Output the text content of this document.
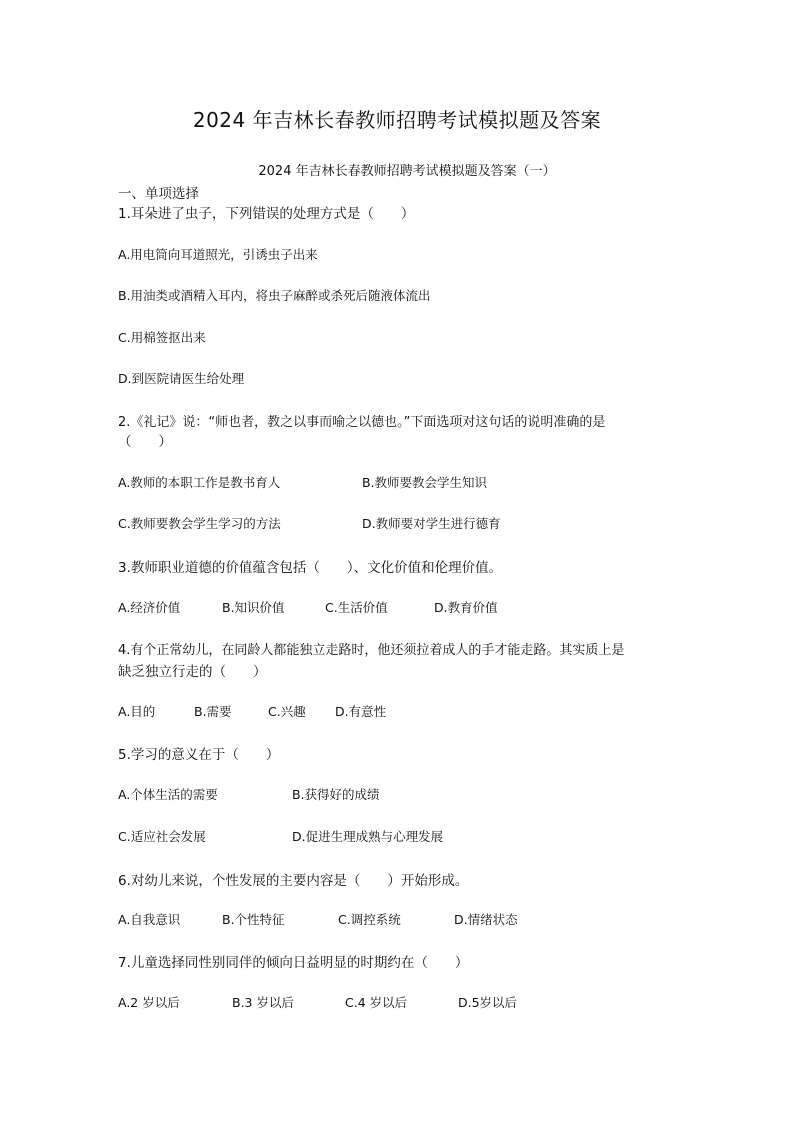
2024 年吉林长春教师招聘考试模拟题及答案
2024 年吉林长春教师招聘考试模拟题及答案（一）
一、单项选择
1.耳朵进了虫子，下列错误的处理方式是（　　）
A.用电筒向耳道照光，引诱虫子出来
B.用油类或酒精入耳内，将虫子麻醉或杀死后随液体流出
C.用棉签抠出来
D.到医院请医生给处理
2.《礼记》说：“师也者，教之以事而喻之以德也。”下面选项对这句话的说明准确的是
（　　）
A.教师的本职工作是教书育人	B.教师要教会学生知识
C.教师要教会学生学习的方法	D.教师要对学生进行德育
3.教师职业道德的价值蕴含包括（　　）、文化价值和伦理价值。
A.经济价值	B.知识价值	C.生活价值	D.教育价值
4.有个正常幼儿，在同龄人都能独立走路时，他还须拉着成人的手才能走路。其实质上是
缺乏独立行走的（　　）
A.目的	B.需要	C.兴趣 D.有意性
5.学习的意义在于（　　）
A.个体生活的需要	B.获得好的成绩
C.适应社会发展	D.促进生理成熟与心理发展
6.对幼儿来说，个性发展的主要内容是（　　）开始形成。
A.自我意识	B.个性特征	C.调控系统	D.情绪状态
7.儿童选择同性别同伴的倾向日益明显的时期约在（　　）
A.2 岁以后	B.3 岁以后	C.4 岁以后	D.5岁以后
